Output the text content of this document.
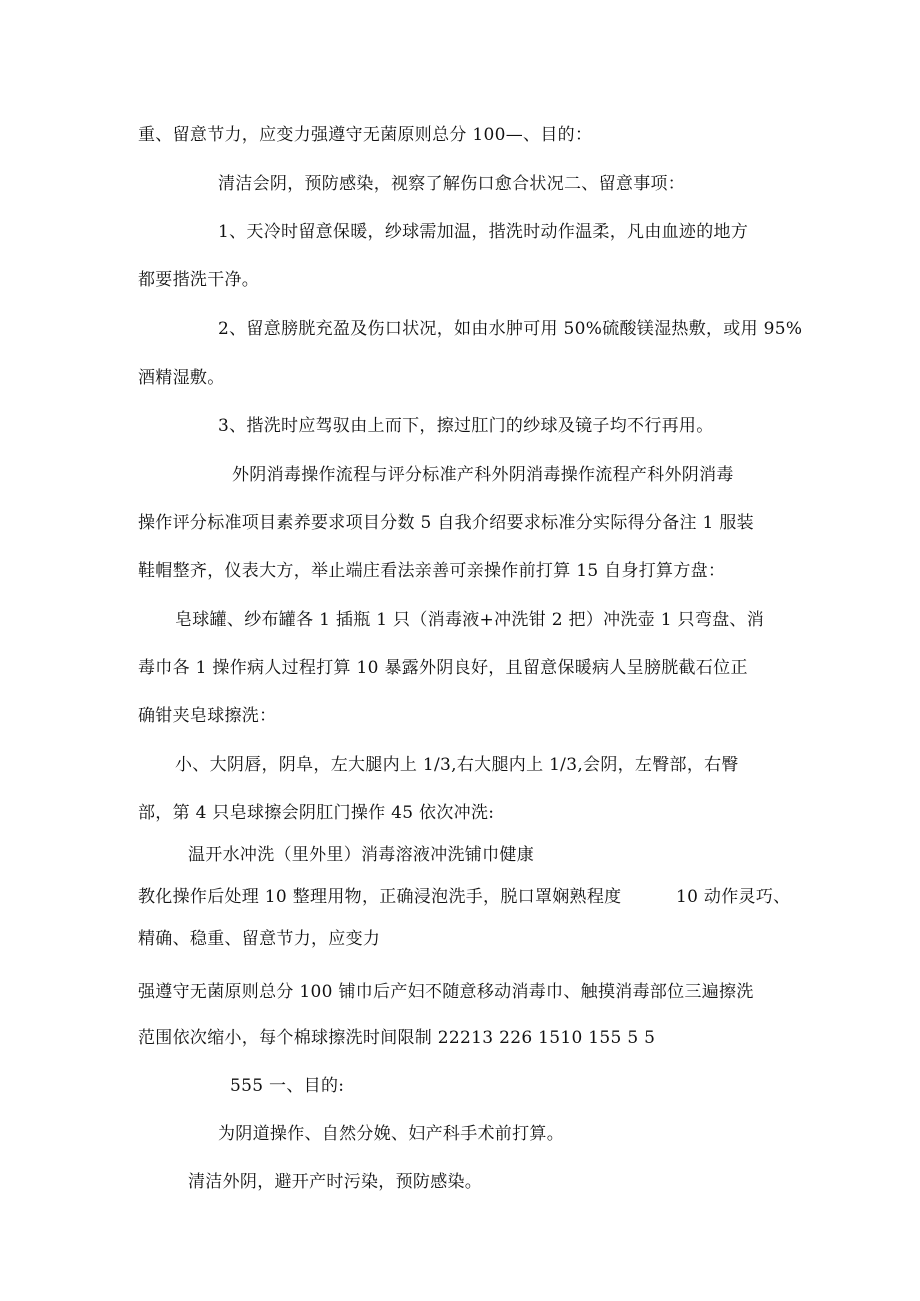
重、留意节力，应变力强遵守无菌原则总分 100—、目的：
清洁会阴，预防感染，视察了解伤口愈合状况二、留意事项：
1、天冷时留意保暖，纱球需加温，揩洗时动作温柔，凡由血迹的地方
都要揩洗干净。
2、留意膀胱充盈及伤口状况，如由水肿可用 50%硫酸镁湿热敷，或用 95%
酒精湿敷。
3、揩洗时应驾驭由上而下，擦过肛门的纱球及镜子均不行再用。
外阴消毒操作流程与评分标准产科外阴消毒操作流程产科外阴消毒
操作评分标准项目素养要求项目分数 5 自我介绍要求标准分实际得分备注 1 服装
鞋帽整齐，仪表大方，举止端庄看法亲善可亲操作前打算 15 自身打算方盘：
皂球罐、纱布罐各 1 插瓶 1 只（消毒液+冲洗钳 2 把）冲洗壶 1 只弯盘、消
毒巾各 1 操作病人过程打算 10 暴露外阴良好，且留意保暖病人呈膀胱截石位正
确钳夹皂球擦洗：
小、大阴唇，阴阜，左大腿内上 1/3,右大腿内上 1/3,会阴，左臀部，右臀
部，第 4 只皂球擦会阴肛门操作 45 依次冲洗:
温开水冲洗（里外里）消毒溶液冲洗铺巾健康
教化操作后处理 10 整理用物，正确浸泡洗手，脱口罩娴熟程度	10 动作灵巧、
精确、稳重、留意节力，应变力
强遵守无菌原则总分 100 铺巾后产妇不随意移动消毒巾、触摸消毒部位三遍擦洗
范围依次缩小，每个棉球擦洗时间限制 22213 226 1510 155 5 5
555 一、目的:
为阴道操作、自然分娩、妇产科手术前打算。
清洁外阴，避开产时污染，预防感染。
